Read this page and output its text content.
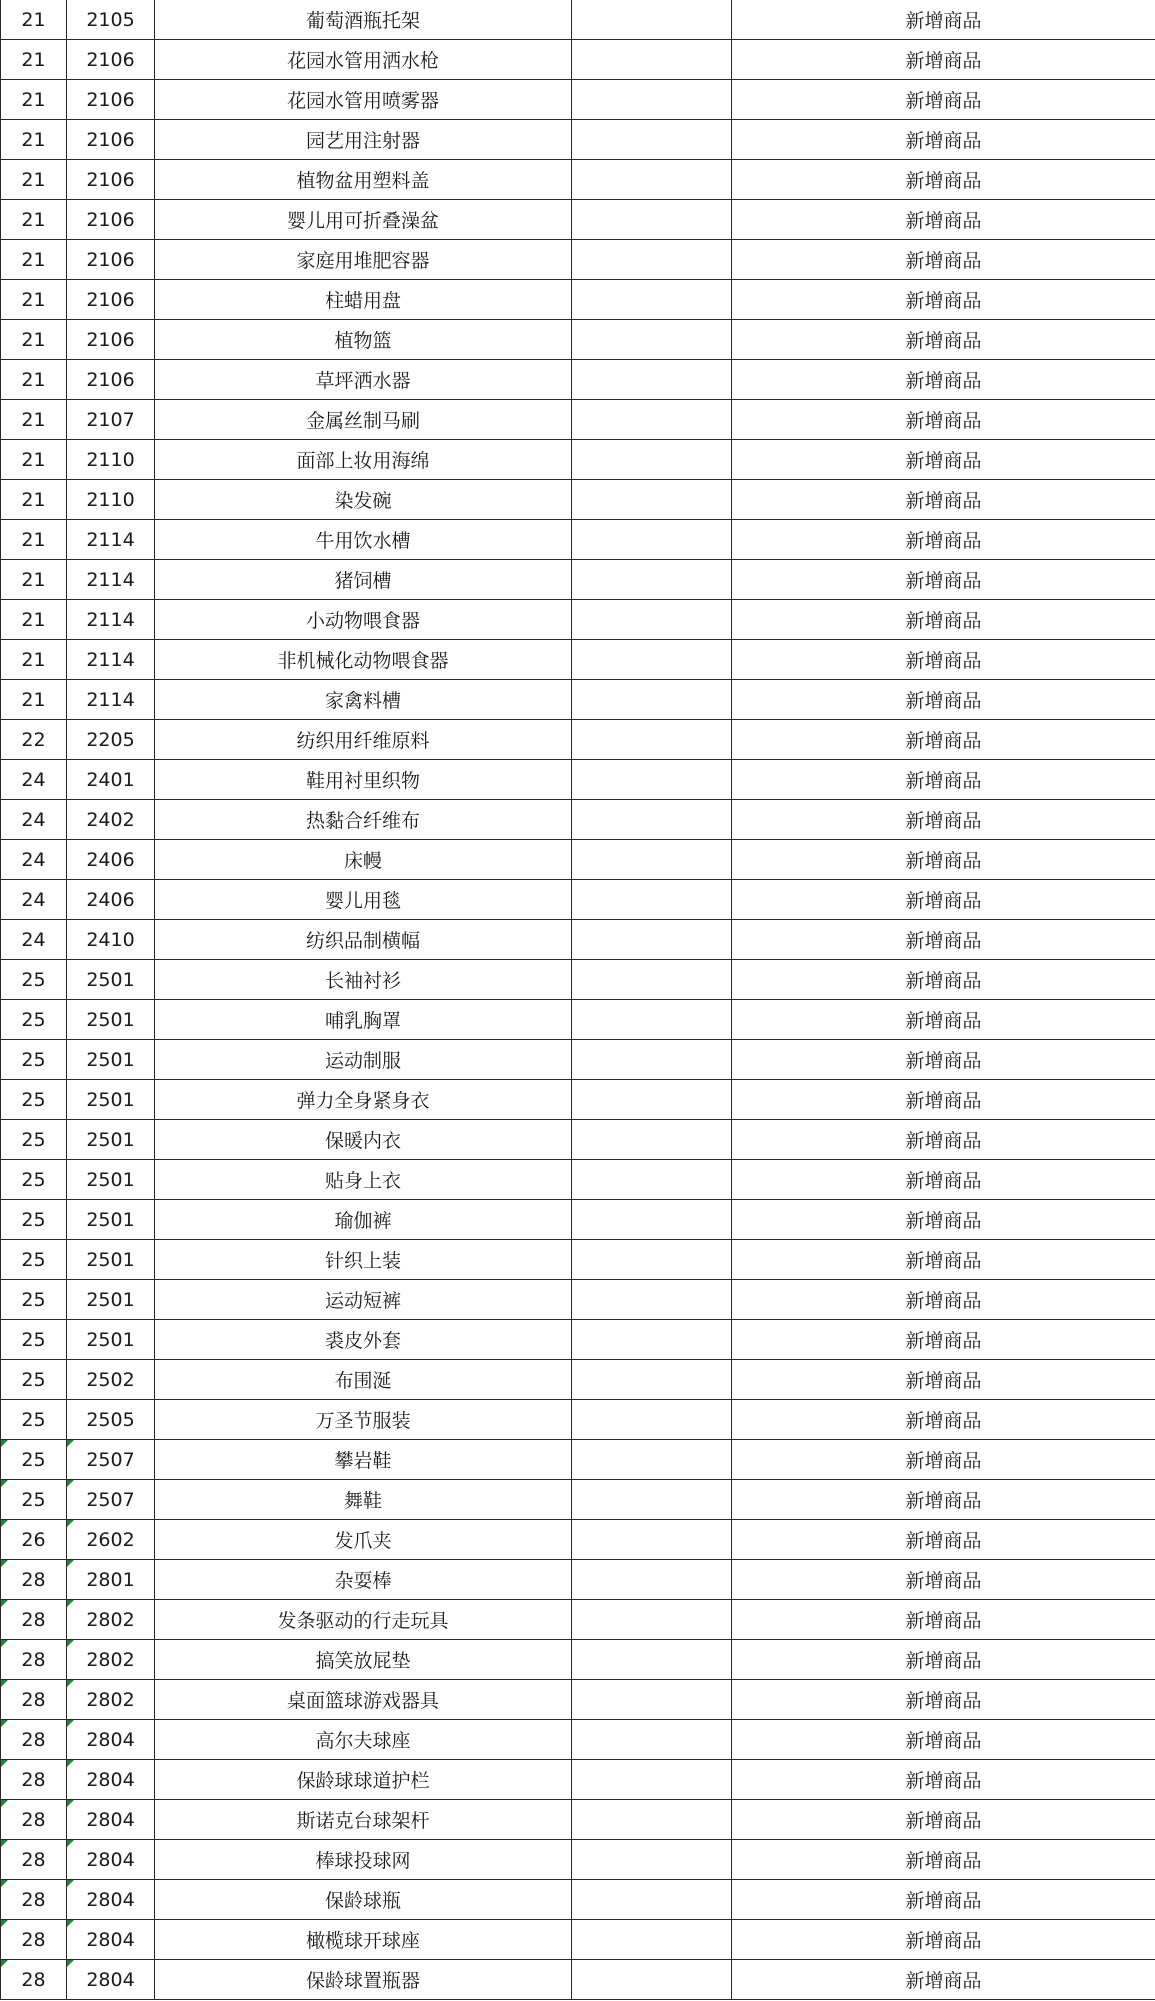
21	2105	葡萄酒瓶托架		新增商品
21	2106	花园水管用洒水枪		新增商品
21	2106	花园水管用喷雾器		新增商品
21	2106	园艺用注射器		新增商品
21	2106	植物盆用塑料盖		新增商品
21	2106	婴儿用可折叠澡盆		新增商品
21	2106	家庭用堆肥容器		新增商品
21	2106	柱蜡用盘		新增商品
21	2106	植物篮		新增商品
21	2106	草坪洒水器		新增商品
21	2107	金属丝制马刷		新增商品
21	2110	面部上妆用海绵		新增商品
21	2110	染发碗		新增商品
21	2114	牛用饮水槽		新增商品
21	2114	猪饲槽		新增商品
21	2114	小动物喂食器		新增商品
21	2114	非机械化动物喂食器		新增商品
21	2114	家禽料槽		新增商品
22	2205	纺织用纤维原料		新增商品
24	2401	鞋用衬里织物		新增商品
24	2402	热黏合纤维布		新增商品
24	2406	床幔		新增商品
24	2406	婴儿用毯		新增商品
24	2410	纺织品制横幅		新增商品
25	2501	长袖衬衫		新增商品
25	2501	哺乳胸罩		新增商品
25	2501	运动制服		新增商品
25	2501	弹力全身紧身衣		新增商品
25	2501	保暖内衣		新增商品
25	2501	贴身上衣		新增商品
25	2501	瑜伽裤		新增商品
25	2501	针织上装		新增商品
25	2501	运动短裤		新增商品
25	2501	裘皮外套		新增商品
25	2502	布围涎		新增商品
25	2505	万圣节服装		新增商品
25	2507	攀岩鞋		新增商品
25	2507	舞鞋		新增商品
26	2602	发爪夹		新增商品
28	2801	杂耍棒		新增商品
28	2802	发条驱动的行走玩具		新增商品
28	2802	搞笑放屁垫		新增商品
28	2802	桌面篮球游戏器具		新增商品
28	2804	高尔夫球座		新增商品
28	2804	保龄球球道护栏		新增商品
28	2804	斯诺克台球架杆		新增商品
28	2804	棒球投球网		新增商品
28	2804	保龄球瓶		新增商品
28	2804	橄榄球开球座		新增商品
28	2804	保龄球置瓶器		新增商品
